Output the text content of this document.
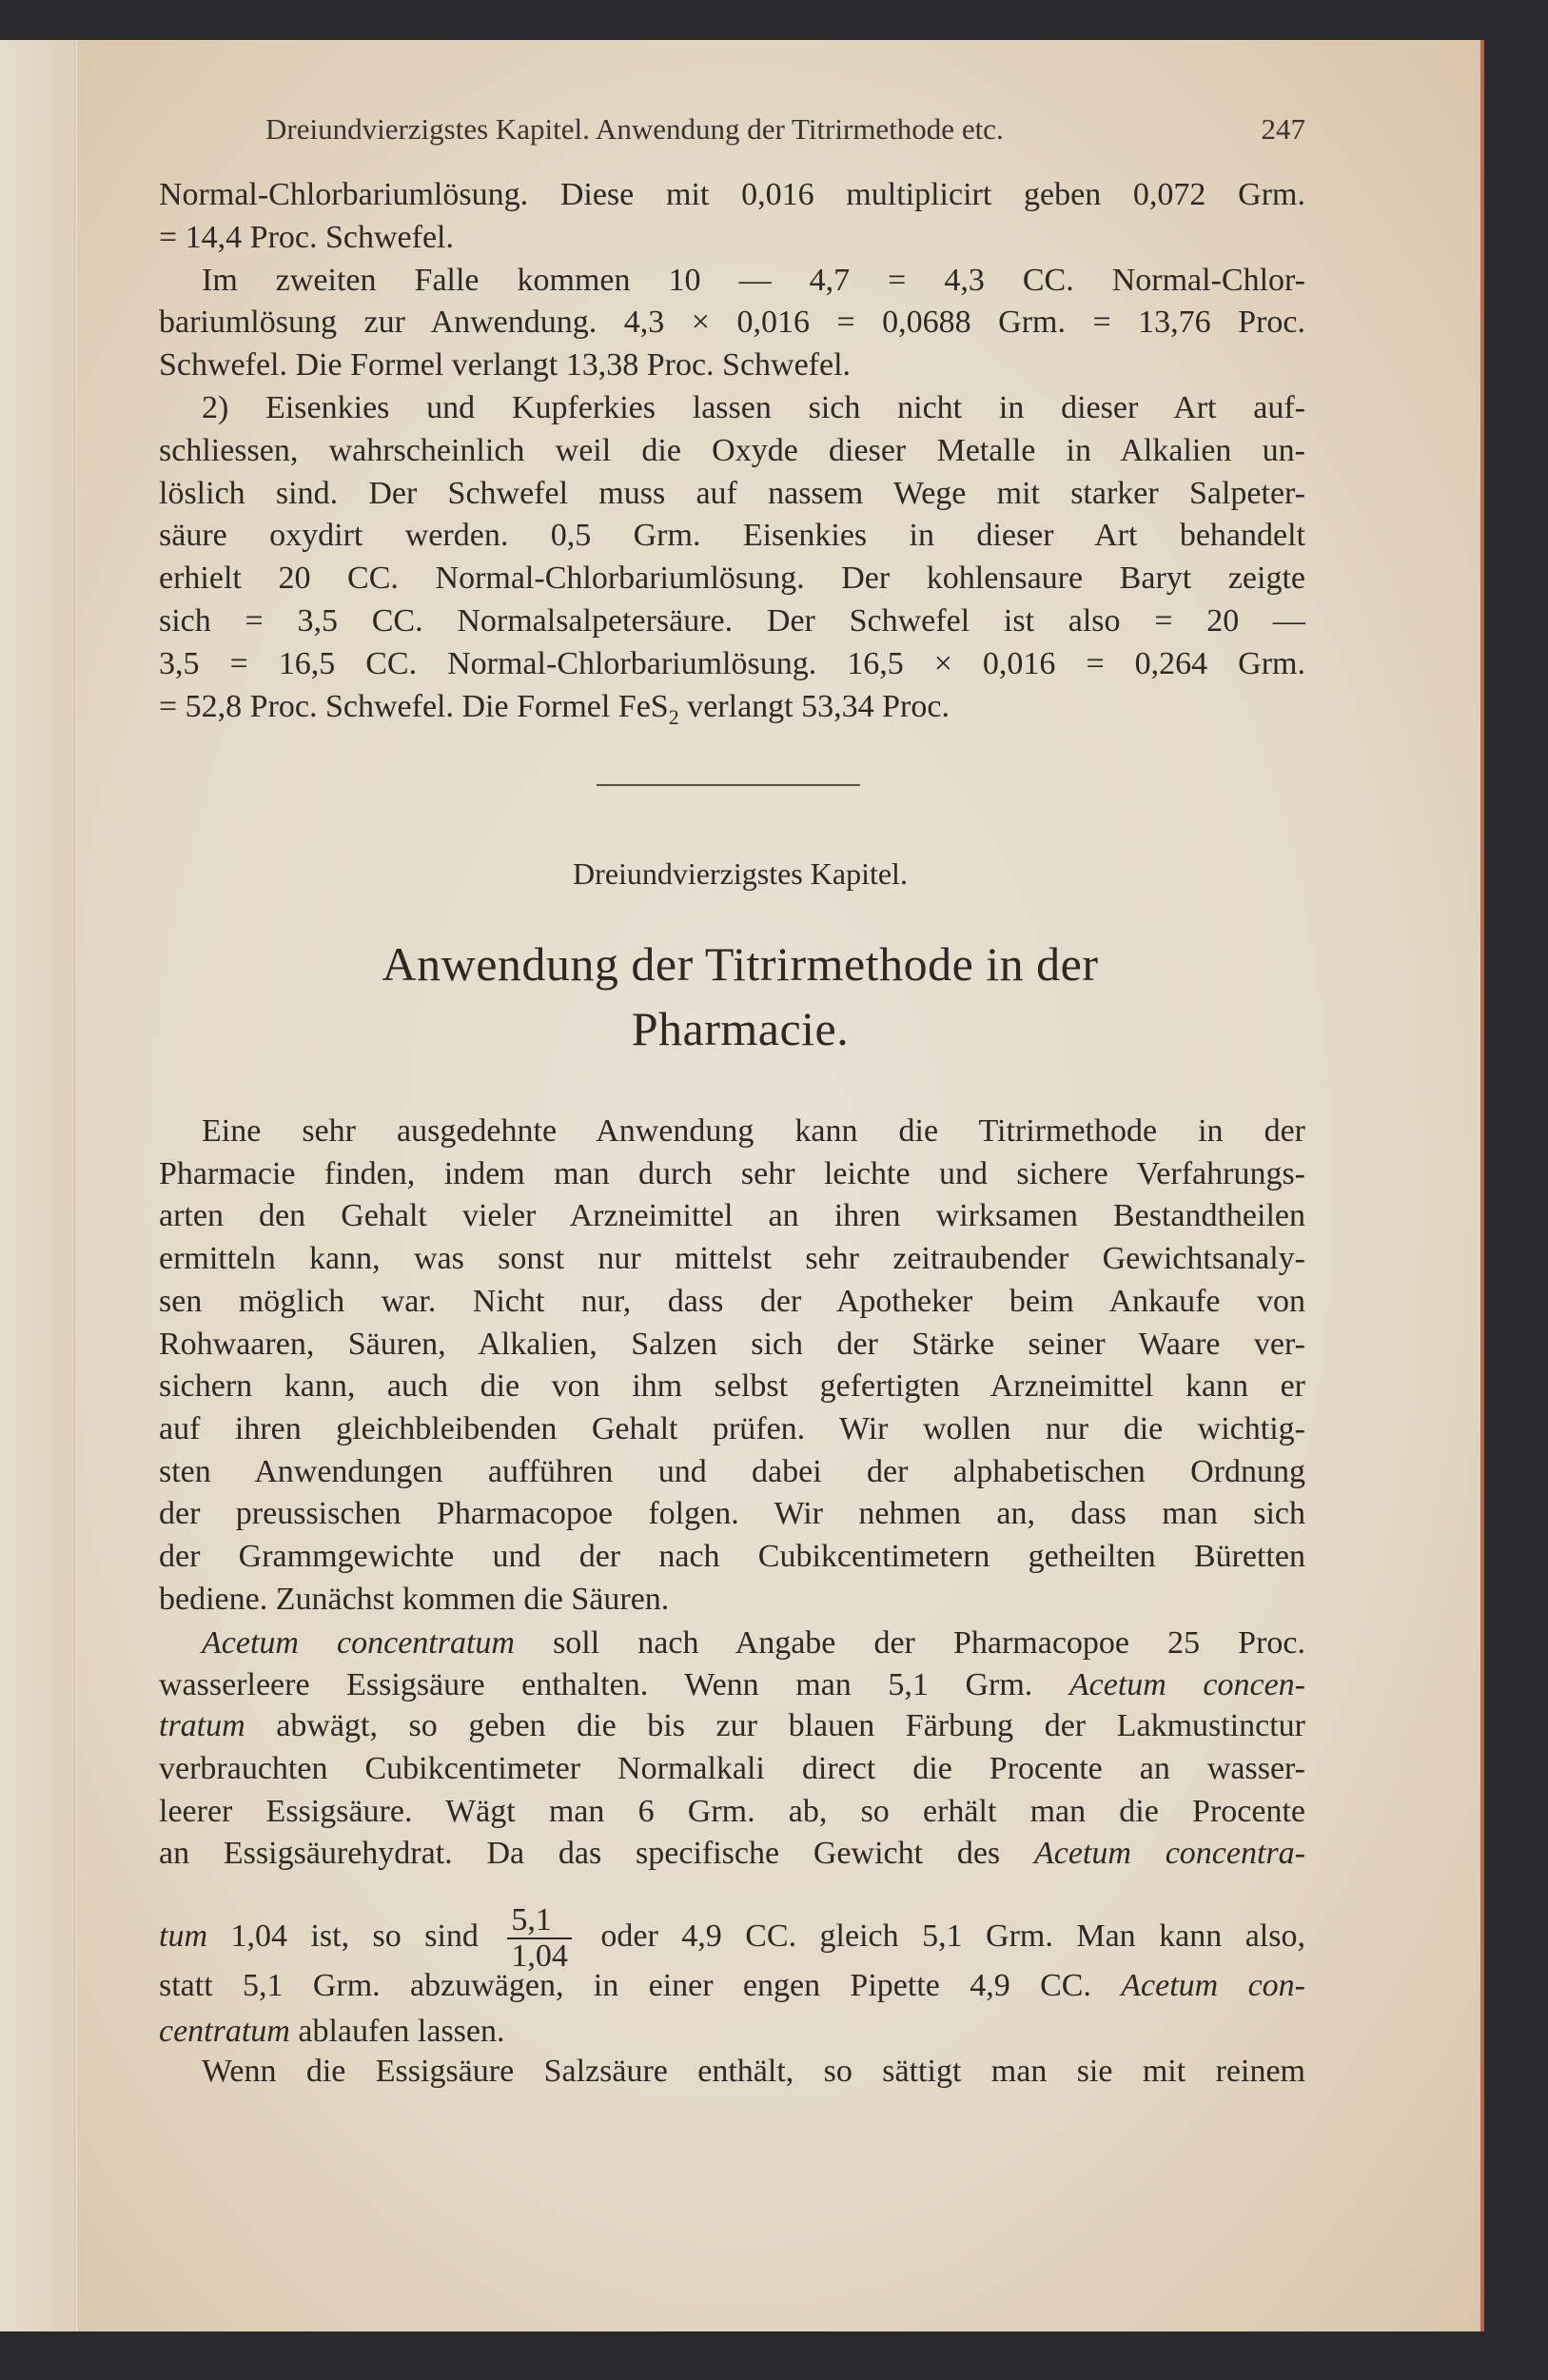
Dreiundvierzigstes Kapitel. Anwendung der Titrirmethode etc.	247
Dreiundvierzigstes Kapitel.
Anwendung der Titrirmethode in der
Pharmacie.
Normal-Chlorbariumlösung. Diese mit 0,016 multiplicirt geben 0,072 Grm.
= 14,4 Proc. Schwefel.
Im zweiten Falle kommen 10 — 4,7 = 4,3 CC. Normal-Chlor-
bariumlösung zur Anwendung. 4,3 × 0,016 = 0,0688 Grm. = 13,76 Proc.
Schwefel. Die Formel verlangt 13,38 Proc. Schwefel.
2) Eisenkies und Kupferkies lassen sich nicht in dieser Art auf-
schliessen, wahrscheinlich weil die Oxyde dieser Metalle in Alkalien un-
löslich sind. Der Schwefel muss auf nassem Wege mit starker Salpeter-
säure oxydirt werden. 0,5 Grm. Eisenkies in dieser Art behandelt
erhielt 20 CC. Normal-Chlorbariumlösung. Der kohlensaure Baryt zeigte
sich = 3,5 CC. Normalsalpetersäure. Der Schwefel ist also = 20 —
3,5 = 16,5 CC. Normal-Chlorbariumlösung. 16,5 × 0,016 = 0,264 Grm.
= 52,8 Proc. Schwefel. Die Formel FeS$_2$ verlangt 53,34 Proc.
Eine sehr ausgedehnte Anwendung kann die Titrirmethode in der
Pharmacie finden, indem man durch sehr leichte und sichere Verfahrungs-
arten den Gehalt vieler Arzneimittel an ihren wirksamen Bestandtheilen
ermitteln kann, was sonst nur mittelst sehr zeitraubender Gewichtsanaly-
sen möglich war. Nicht nur, dass der Apotheker beim Ankaufe von
Rohwaaren, Säuren, Alkalien, Salzen sich der Stärke seiner Waare ver-
sichern kann, auch die von ihm selbst gefertigten Arzneimittel kann er
auf ihren gleichbleibenden Gehalt prüfen. Wir wollen nur die wichtig-
sten Anwendungen aufführen und dabei der alphabetischen Ordnung
der preussischen Pharmacopoe folgen. Wir nehmen an, dass man sich
der Grammgewichte und der nach Cubikcentimetern getheilten Büretten
bediene. Zunächst kommen die Säuren.
Acetum concentratum soll nach Angabe der Pharmacopoe 25 Proc.
wasserleere Essigsäure enthalten. Wenn man 5,1 Grm. Acetum concen-
tratum abwägt, so geben die bis zur blauen Färbung der Lakmustinctur
verbrauchten Cubikcentimeter Normalkali direct die Procente an wasser-
leerer Essigsäure. Wägt man 6 Grm. ab, so erhält man die Procente
an Essigsäurehydrat. Da das specifische Gewicht des Acetum concentra-
tum 1,04 ist, so sind $\frac{5,1}{1,04}$ oder 4,9 CC. gleich 5,1 Grm. Man kann also,
statt 5,1 Grm. abzuwägen, in einer engen Pipette 4,9 CC. Acetum con-
centratum ablaufen lassen.
Wenn die Essigsäure Salzsäure enthält, so sättigt man sie mit reinem
